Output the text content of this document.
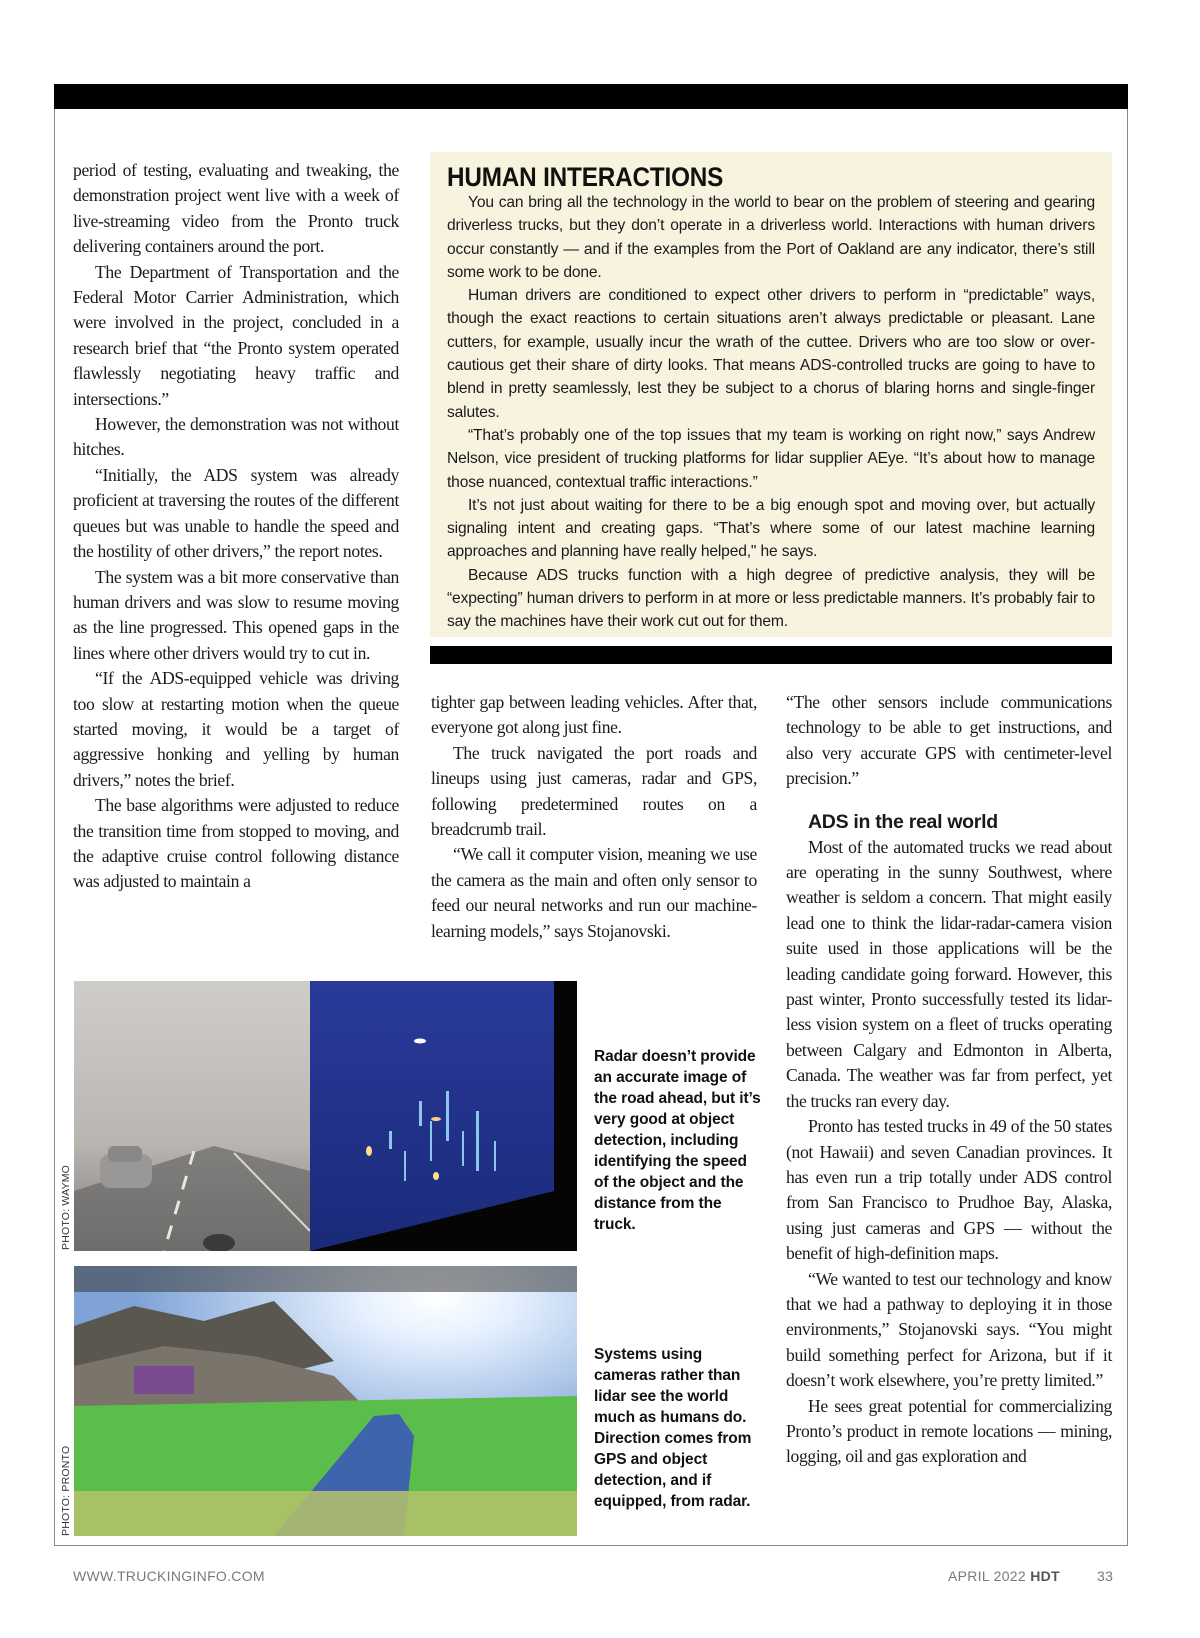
period of testing, evaluating and tweaking, the demonstration project went live with a week of live-streaming video from the Pronto truck delivering containers around the port.

The Department of Transportation and the Federal Motor Carrier Administration, which were involved in the project, concluded in a research brief that “the Pronto system operated flawlessly negotiating heavy traffic and intersections.”

However, the demonstration was not without hitches.

“Initially, the ADS system was already proficient at traversing the routes of the different queues but was unable to handle the speed and the hostility of other drivers,” the report notes.

The system was a bit more conservative than human drivers and was slow to resume moving as the line progressed. This opened gaps in the lines where other drivers would try to cut in.

“If the ADS-equipped vehicle was driving too slow at restarting motion when the queue started moving, it would be a target of aggressive honking and yelling by human drivers,” notes the brief.

The base algorithms were adjusted to reduce the transition time from stopped to moving, and the adaptive cruise control following distance was adjusted to maintain a

HUMAN INTERACTIONS

You can bring all the technology in the world to bear on the problem of steering and gearing driverless trucks, but they don’t operate in a driverless world. Interactions with human drivers occur constantly — and if the examples from the Port of Oakland are any indicator, there’s still some work to be done.

Human drivers are conditioned to expect other drivers to perform in “predictable” ways, though the exact reactions to certain situations aren’t always predictable or pleasant. Lane cutters, for example, usually incur the wrath of the cuttee. Drivers who are too slow or over-cautious get their share of dirty looks. That means ADS-controlled trucks are going to have to blend in pretty seamlessly, lest they be subject to a chorus of blaring horns and single-finger salutes.

“That’s probably one of the top issues that my team is working on right now,” says Andrew Nelson, vice president of trucking platforms for lidar supplier AEye. “It’s about how to manage those nuanced, contextual traffic interactions.”

It’s not just about waiting for there to be a big enough spot and moving over, but actually signaling intent and creating gaps. “That’s where some of our latest machine learning approaches and planning have really helped," he says.

Because ADS trucks function with a high degree of predictive analysis, they will be “expecting” human drivers to perform in at more or less predictable manners. It’s probably fair to say the machines have their work cut out for them.

tighter gap between leading vehicles. After that, everyone got along just fine.

The truck navigated the port roads and lineups using just cameras, radar and GPS, following predetermined routes on a breadcrumb trail.

“We call it computer vision, meaning we use the camera as the main and often only sensor to feed our neural networks and run our machine-learning models,” says Stojanovski.

“The other sensors include communications technology to be able to get instructions, and also very accurate GPS with centimeter-level precision.”

ADS in the real world

Most of the automated trucks we read about are operating in the sunny Southwest, where weather is seldom a concern. That might easily lead one to think the lidar-radar-camera vision suite used in those applications will be the leading candidate going forward. However, this past winter, Pronto successfully tested its lidar-less vision system on a fleet of trucks operating between Calgary and Edmonton in Alberta, Canada. The weather was far from perfect, yet the trucks ran every day.

Pronto has tested trucks in 49 of the 50 states (not Hawaii) and seven Canadian provinces. It has even run a trip totally under ADS control from San Francisco to Prudhoe Bay, Alaska, using just cameras and GPS — without the benefit of high-definition maps.

“We wanted to test our technology and know that we had a pathway to deploying it in those environments,” Stojanovski says. “You might build something perfect for Arizona, but if it doesn’t work elsewhere, you’re pretty limited.”

He sees great potential for commercializing Pronto’s product in remote locations — mining, logging, oil and gas exploration and

PHOTO: WAYMO
PHOTO: PRONTO
Radar doesn’t provide an accurate image of the road ahead, but it’s very good at object detection, including identifying the speed of the object and the distance from the truck.
Systems using cameras rather than lidar see the world much as humans do. Direction comes from GPS and object detection, and if equipped, from radar.
WWW.TRUCKINGINFO.COM	APRIL 2022 HDT	33
